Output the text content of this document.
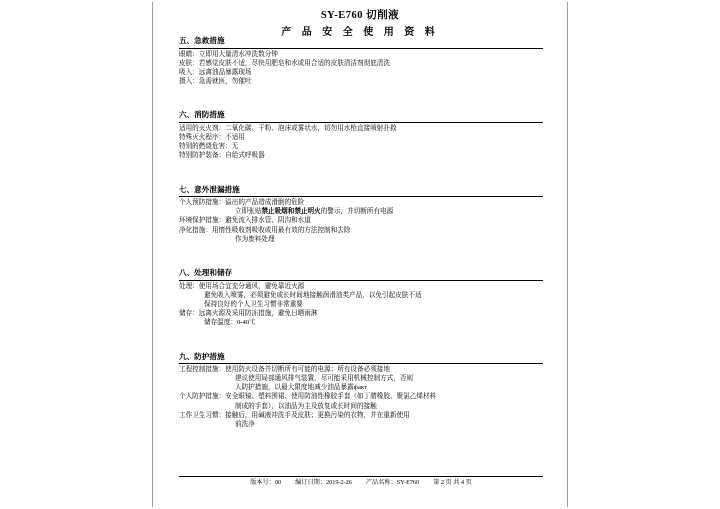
SY-E760 切削液
产 品 安 全 使 用 资 料
五、急救措施
眼睛： 立即用大量清水冲洗数分钟
皮肤： 若感觉皮肤不适，尽快用肥皂和水或用合适的皮肤清洁剂彻底清洗
吸入： 远离油品暴露现场
摄入： 急需就医，勿催吐
六、消防措施
适用的灭火剂： 二氧化碳、干粉、泡沫或雾状水，切勿用水枪直接喷射扑救
特殊灭火程序： 不适用
特别的燃烧危害： 无
特别防护装备： 自给式呼吸器
七、意外泄漏措施
个人预防措施： 溢出的产品造成滑倒的危险
立即张贴 禁止吸烟和禁止明火的警示，并切断所有电源
环境保护措施： 避免流入排水管、阴沟和水道
净化措施： 用惰性吸收剂吸收或用最有效的方法控制和去除
作为废料处理
八、处理和储存
处理： 使用场合宜充分通风，避免靠近火源
避免吸入喷雾，必须避免或长时间地接触润滑油类产品，以免引起皮肤不适
保持良好的个人卫生习惯非常重要
储存： 远离火源及采用防冻措施，避免日晒雨淋
储存温度：0-40℃
九、防护措施
工程控制措施： 使用防火设备并切断所有可能的电源；所有设备必须接地
建议使用局部通风排气装置，尽可能采用机械控制方式，否则
人防护措施，以最大限度地减少油品暴露факт
个人防护措施： 安全眼镜、塑料围裙、使用防油性橡胶手套（如丁腈橡胶、聚氯乙烯材料
制成的手套），以油品为主及放复或长时间的接触
工作卫生习惯： 接触后，用碱液冲洗手及皮肤；更换污染的衣物，并在重新使用
前洗净
版本号：00 编订日期：2019-2-26 产品名称：SY-E760 第 2 页 共 4 页
